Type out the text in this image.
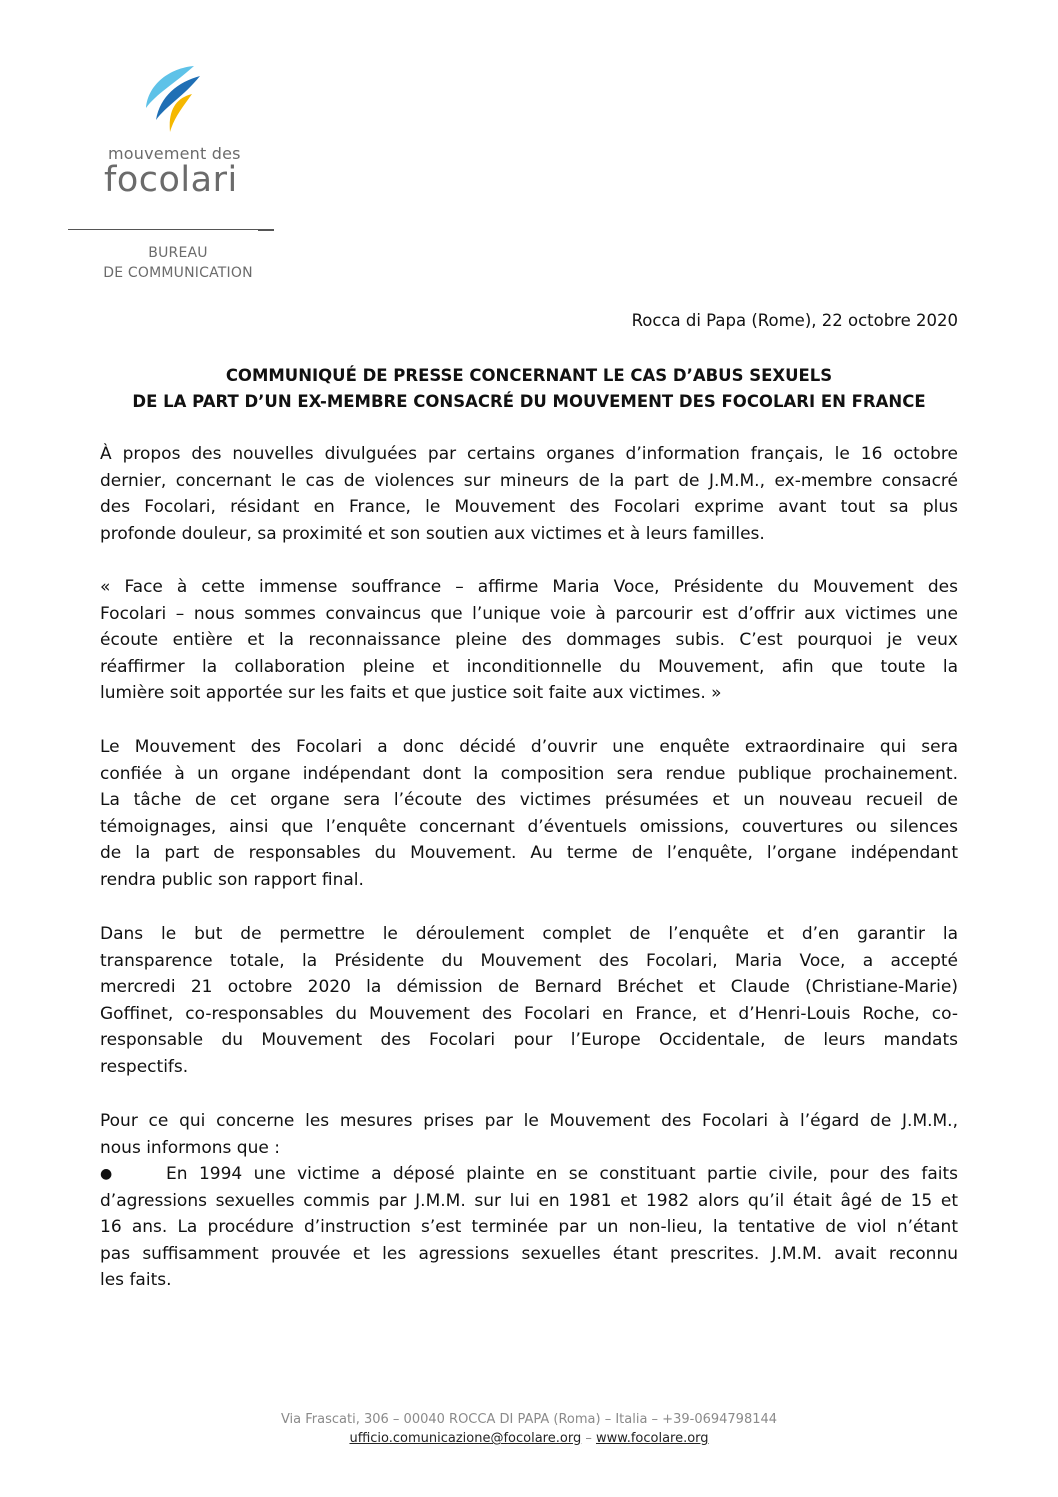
mouvement des
focolari
BUREAU
DE COMMUNICATION
Rocca di Papa (Rome), 22 octobre 2020
COMMUNIQUÉ DE PRESSE CONCERNANT LE CAS D’ABUS SEXUELS
DE LA PART D’UN EX-MEMBRE CONSACRÉ DU MOUVEMENT DES FOCOLARI EN FRANCE
À propos des nouvelles divulguées par certains organes d’information français, le 16 octobre
dernier, concernant le cas de violences sur mineurs de la part de J.M.M., ex-membre consacré
des Focolari, résidant en France, le Mouvement des Focolari exprime avant tout sa plus
profonde douleur, sa proximité et son soutien aux victimes et à leurs familles.
« Face à cette immense souffrance – affirme Maria Voce, Présidente du Mouvement des
Focolari – nous sommes convaincus que l’unique voie à parcourir est d’offrir aux victimes une
écoute entière et la reconnaissance pleine des dommages subis. C’est pourquoi je veux
réaffirmer la collaboration pleine et inconditionnelle du Mouvement, afin que toute la
lumière soit apportée sur les faits et que justice soit faite aux victimes. »
Le Mouvement des Focolari a donc décidé d’ouvrir une enquête extraordinaire qui sera
confiée à un organe indépendant dont la composition sera rendue publique prochainement.
La tâche de cet organe sera l’écoute des victimes présumées et un nouveau recueil de
témoignages, ainsi que l’enquête concernant d’éventuels omissions, couvertures ou silences
de la part de responsables du Mouvement. Au terme de l’enquête, l’organe indépendant
rendra public son rapport final.
Dans le but de permettre le déroulement complet de l’enquête et d’en garantir la
transparence totale, la Présidente du Mouvement des Focolari, Maria Voce, a accepté
mercredi 21 octobre 2020 la démission de Bernard Bréchet et Claude (Christiane-Marie)
Goffinet, co-responsables du Mouvement des Focolari en France, et d’Henri-Louis Roche, co-
responsable du Mouvement des Focolari pour l’Europe Occidentale, de leurs mandats
respectifs.
Pour ce qui concerne les mesures prises par le Mouvement des Focolari à l’égard de J.M.M.,
nous informons que :
●	En 1994 une victime a déposé plainte en se constituant partie civile, pour des faits
d’agressions sexuelles commis par J.M.M. sur lui en 1981 et 1982 alors qu’il était âgé de 15 et
16 ans. La procédure d’instruction s’est terminée par un non-lieu, la tentative de viol n’étant
pas suffisamment prouvée et les agressions sexuelles étant prescrites. J.M.M. avait reconnu
les faits.
Via Frascati, 306 – 00040 ROCCA DI PAPA (Roma) – Italia – +39-0694798144
ufficio.comunicazione@focolare.org – www.focolare.org
